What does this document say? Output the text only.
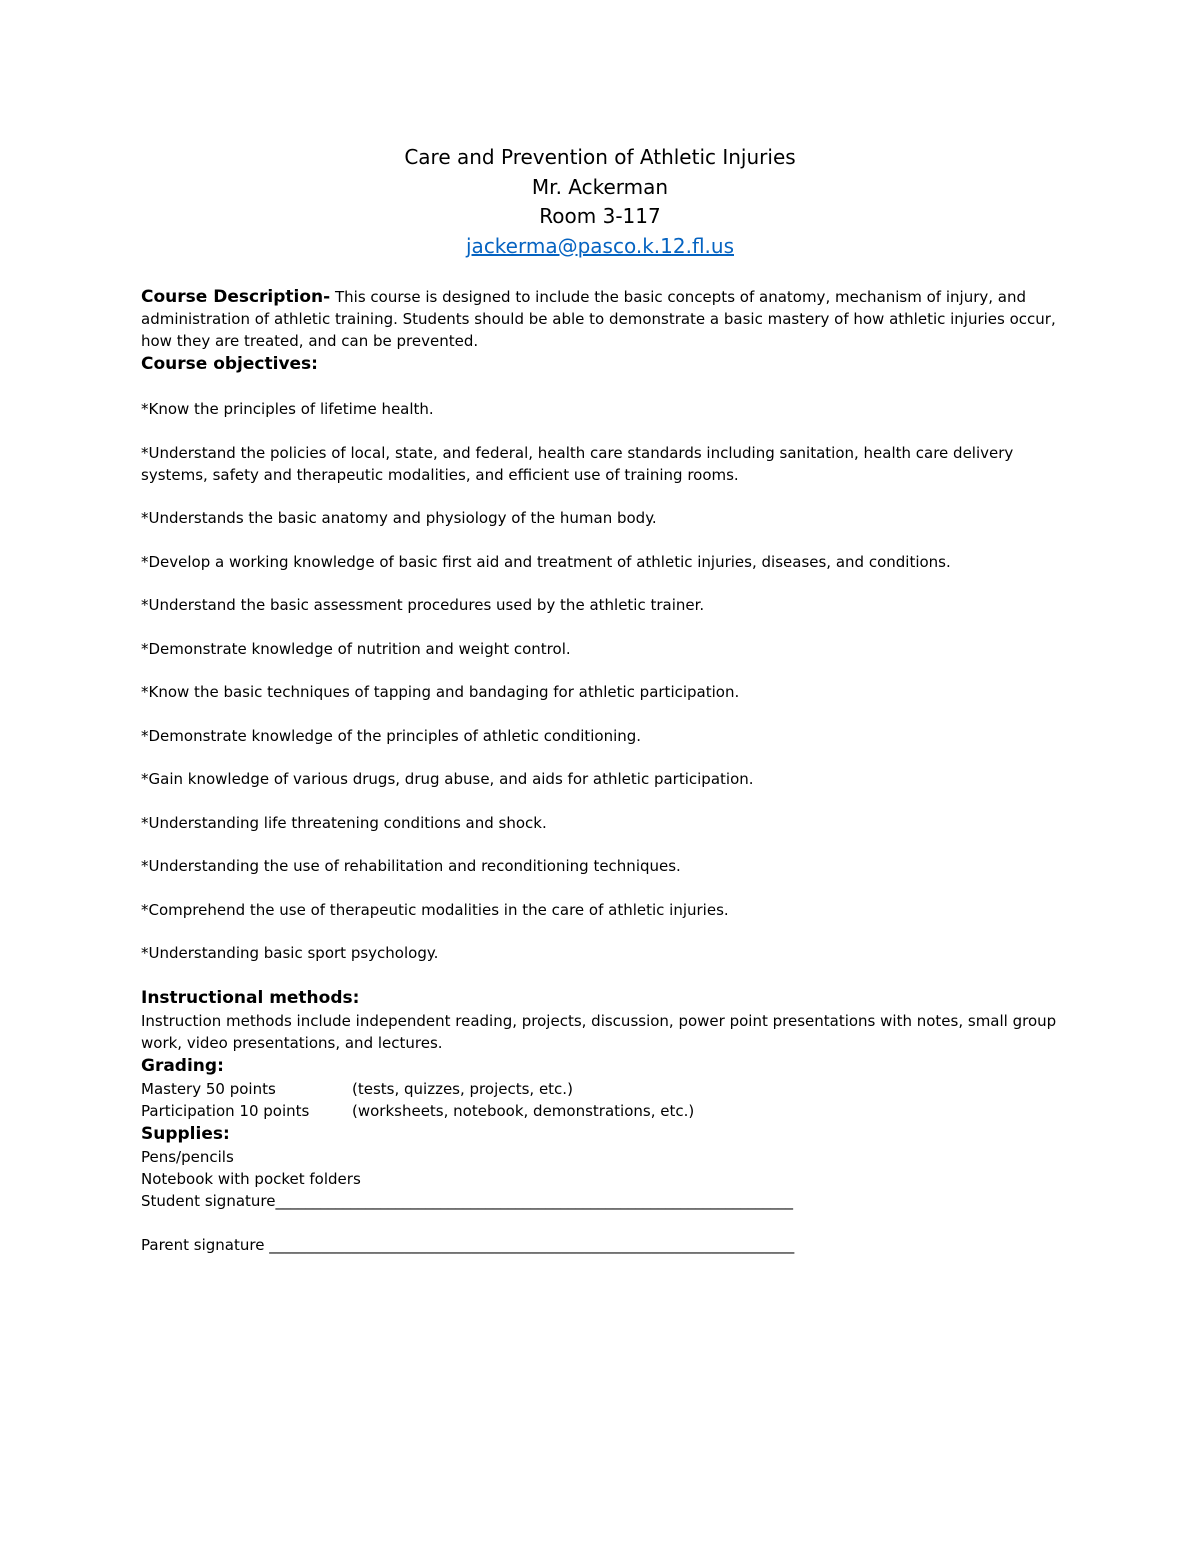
Care and Prevention of Athletic Injuries
Mr. Ackerman
Room 3-117
jackerma@pasco.k.12.fl.us

Course Description- This course is designed to include the basic concepts of anatomy, mechanism of injury, and administration of athletic training. Students should be able to demonstrate a basic mastery of how athletic injuries occur, how they are treated, and can be prevented.

Course objectives:

*Know the principles of lifetime health.

*Understand the policies of local, state, and federal, health care standards including sanitation, health care delivery systems, safety and therapeutic modalities, and efficient use of training rooms.

*Understands the basic anatomy and physiology of the human body.

*Develop a working knowledge of basic first aid and treatment of athletic injuries, diseases, and conditions.

*Understand the basic assessment procedures used by the athletic trainer.

*Demonstrate knowledge of nutrition and weight control.

*Know the basic techniques of tapping and bandaging for athletic participation.

*Demonstrate knowledge of the principles of athletic conditioning.

*Gain knowledge of various drugs, drug abuse, and aids for athletic participation.

*Understanding life threatening conditions and shock.

*Understanding the use of rehabilitation and reconditioning techniques.

*Comprehend the use of therapeutic modalities in the care of athletic injuries.

*Understanding basic sport psychology.

Instructional methods:

Instruction methods include independent reading, projects, discussion, power point presentations with notes, small group work, video presentations, and lectures.

Grading:

Mastery 50 points	(tests, quizzes, projects, etc.)
Participation 10 points	(worksheets, notebook, demonstrations, etc.)

Supplies:

Pens/pencils

Notebook with pocket folders

Student signature_____________________________________________________________________

Parent signature ______________________________________________________________________
